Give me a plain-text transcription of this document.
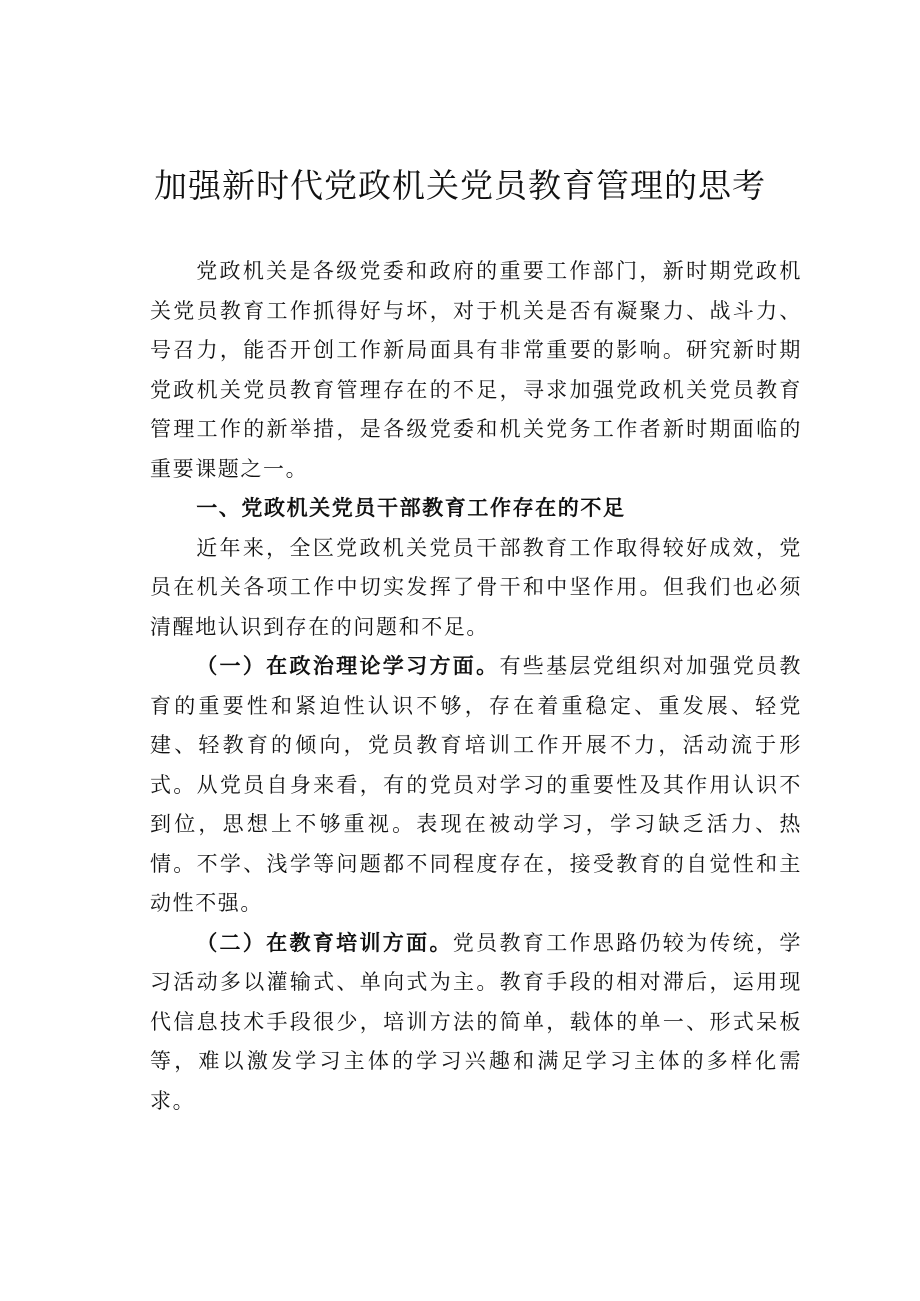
加强新时代党政机关党员教育管理的思考

党政机关是各级党委和政府的重要工作部门，新时期党政机关党员教育工作抓得好与坏，对于机关是否有凝聚力、战斗力、号召力，能否开创工作新局面具有非常重要的影响。研究新时期党政机关党员教育管理存在的不足，寻求加强党政机关党员教育管理工作的新举措，是各级党委和机关党务工作者新时期面临的重要课题之一。

一、党政机关党员干部教育工作存在的不足

近年来，全区党政机关党员干部教育工作取得较好成效，党员在机关各项工作中切实发挥了骨干和中坚作用。但我们也必须清醒地认识到存在的问题和不足。

（一）在政治理论学习方面。有些基层党组织对加强党员教育的重要性和紧迫性认识不够，存在着重稳定、重发展、轻党建、轻教育的倾向，党员教育培训工作开展不力，活动流于形式。从党员自身来看，有的党员对学习的重要性及其作用认识不到位，思想上不够重视。表现在被动学习，学习缺乏活力、热情。不学、浅学等问题都不同程度存在，接受教育的自觉性和主动性不强。

（二）在教育培训方面。党员教育工作思路仍较为传统，学习活动多以灌输式、单向式为主。教育手段的相对滞后，运用现代信息技术手段很少，培训方法的简单，载体的单一、形式呆板等，难以激发学习主体的学习兴趣和满足学习主体的多样化需求。
